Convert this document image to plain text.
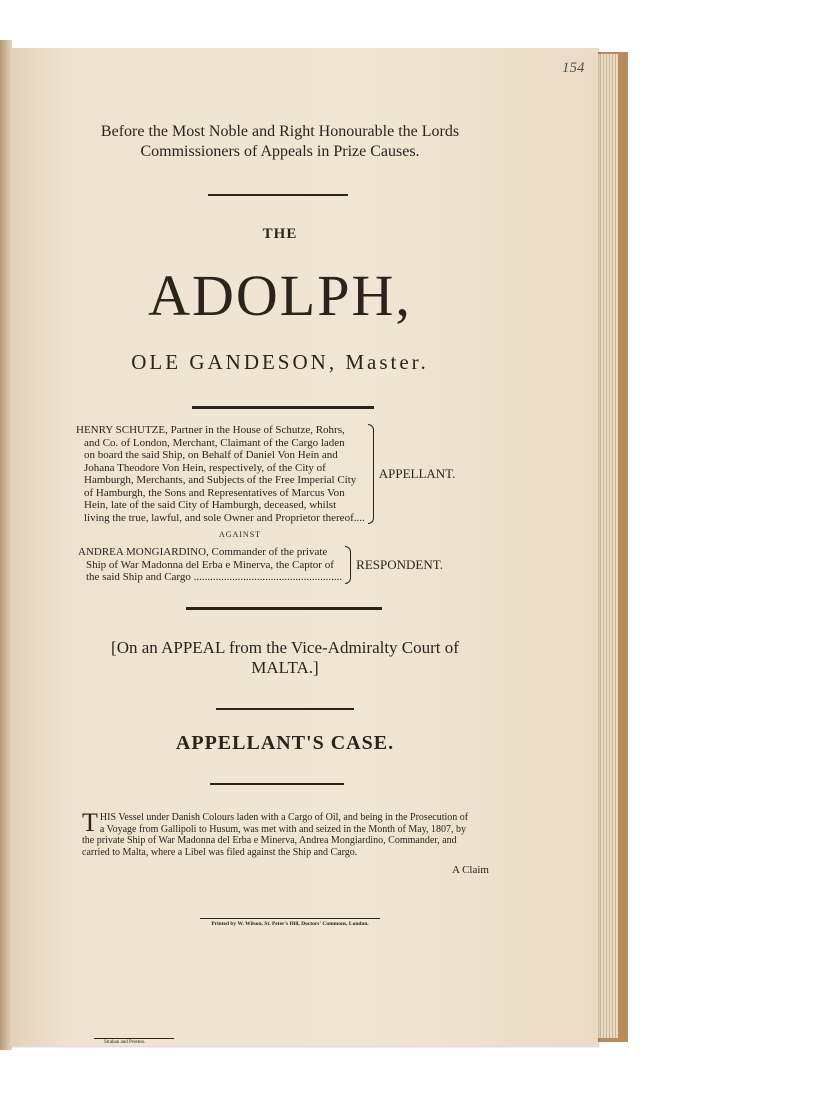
154
Before the Most Noble and Right Honourable the Lords
Commissioners of Appeals in Prize Causes.
THE
ADOLPH,
OLE GANDESON, Master.
HENRY SCHUTZE, Partner in the House of Schutze, Rohrs,
and Co. of London, Merchant, Claimant of the Cargo laden
on board the said Ship, on Behalf of Daniel Von Hein and
Johana Theodore Von Hein, respectively, of the City of
Hamburgh, Merchants, and Subjects of the Free Imperial City
of Hamburgh, the Sons and Representatives of Marcus Von
Hein, late of the said City of Hamburgh, deceased, whilst
living the true, lawful, and sole Owner and Proprietor thereof....
APPELLANT.
AGAINST
ANDREA MONGIARDINO, Commander of the private
Ship of War Madonna del Erba e Minerva, the Captor of
the said Ship and Cargo ......................................................
RESPONDENT.
[On an APPEAL from the Vice-Admiralty Court of
MALTA.]
APPELLANT'S CASE.
T HIS Vessel under Danish Colours laden with a Cargo of Oil, and being in the Prosecution of
a Voyage from Gallipoli to Husum, was met with and seized in the Month of May, 1807, by
the private Ship of War Madonna del Erba e Minerva, Andrea Mongiardino, Commander, and
carried to Malta, where a Libel was filed against the Ship and Cargo.
A Claim
Printed by W. Wilson, St. Peter's Hill, Doctors' Commons, London.
Strahan and Preston.
